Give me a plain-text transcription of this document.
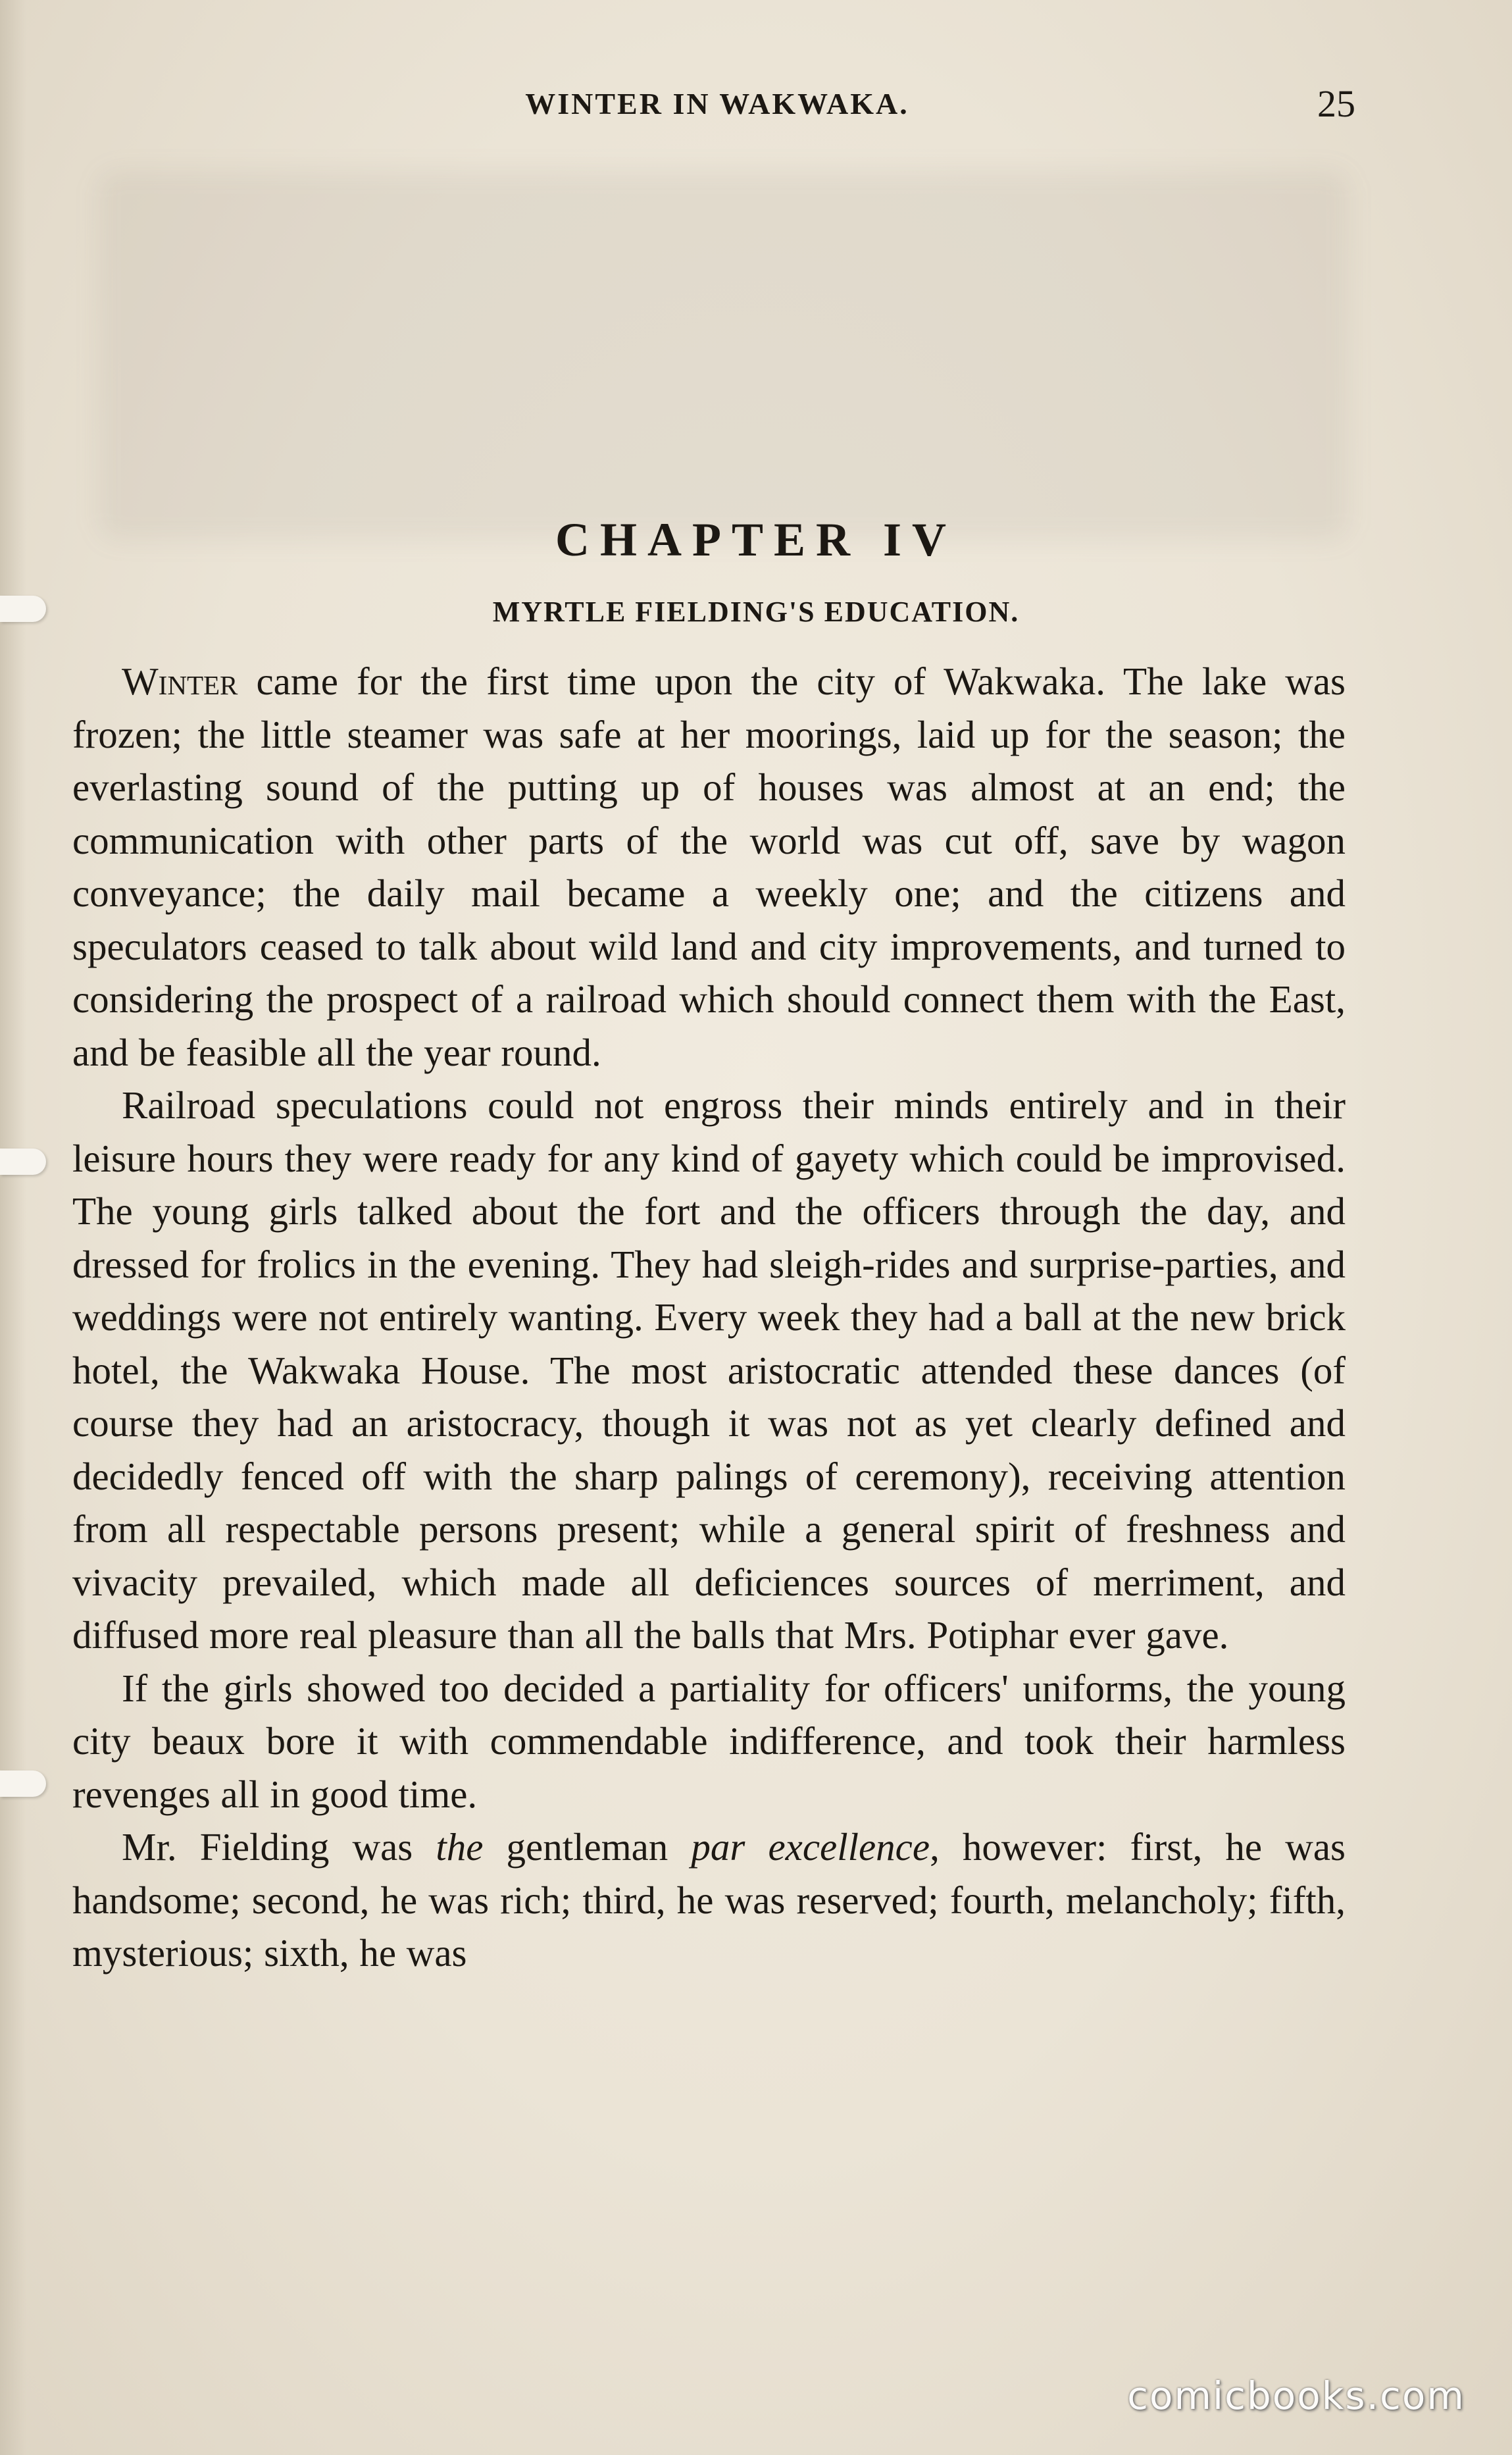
WINTER IN WAKWAKA.	25
CHAPTER IV
MYRTLE FIELDING'S EDUCATION.

Winter came for the first time upon the city of Wakwaka. The lake was frozen; the little steamer was safe at her moorings, laid up for the season; the everlasting sound of the putting up of houses was almost at an end; the communication with other parts of the world was cut off, save by wagon conveyance; the daily mail became a weekly one; and the citizens and speculators ceased to talk about wild land and city improvements, and turned to considering the prospect of a railroad which should connect them with the East, and be feasible all the year round.

Railroad speculations could not engross their minds entirely and in their leisure hours they were ready for any kind of gayety which could be improvised. The young girls talked about the fort and the officers through the day, and dressed for frolics in the evening. They had sleigh-rides and surprise-parties, and weddings were not entirely wanting. Every week they had a ball at the new brick hotel, the Wakwaka House. The most aristocratic attended these dances (of course they had an aristocracy, though it was not as yet clearly defined and decidedly fenced off with the sharp palings of ceremony), receiving attention from all respectable persons present; while a general spirit of freshness and vivacity prevailed, which made all deficiences sources of merriment, and diffused more real pleasure than all the balls that Mrs. Potiphar ever gave.

If the girls showed too decided a partiality for officers' uniforms, the young city beaux bore it with commendable indifference, and took their harmless revenges all in good time.

Mr. Fielding was the gentleman par excellence, however: first, he was handsome; second, he was rich; third, he was reserved; fourth, melancholy; fifth, mysterious; sixth, he was

comicbooks.com
